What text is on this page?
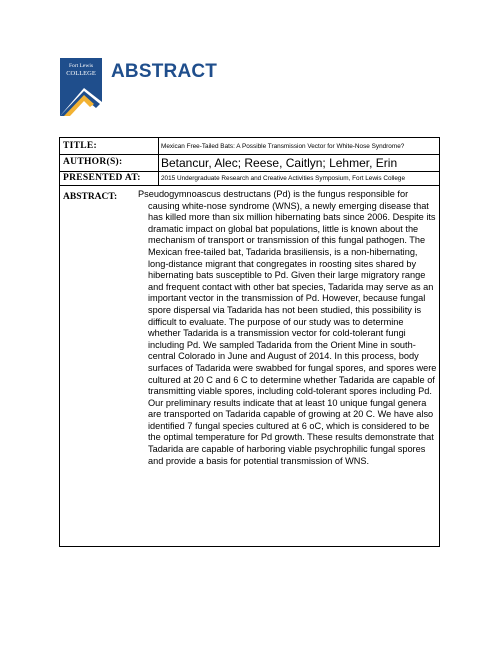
Fort Lewis
COLLEGE ABSTRACT
TITLE:	Mexican Free-Tailed Bats: A Possible Transmission Vector for White-Nose Syndrome?
AUTHOR(S):	Betancur, Alec; Reese, Caitlyn; Lehmer, Erin
PRESENTED AT:	2015 Undergraduate Research and Creative Activities Symposium, Fort Lewis College
ABSTRACT: Pseudogymnoascus destructans (Pd) is the fungus responsible for causing white-nose syndrome (WNS), a newly emerging disease that has killed more than six million hibernating bats since 2006. Despite its dramatic impact on global bat populations, little is known about the mechanism of transport or transmission of this fungal pathogen. The Mexican free-tailed bat, Tadarida brasiliensis, is a non-hibernating, long-distance migrant that congregates in roosting sites shared by hibernating bats susceptible to Pd. Given their large migratory range and frequent contact with other bat species, Tadarida may serve as an important vector in the transmission of Pd. However, because fungal spore dispersal via Tadarida has not been studied, this possibility is difficult to evaluate. The purpose of our study was to determine whether Tadarida is a transmission vector for cold-tolerant fungi including Pd. We sampled Tadarida from the Orient Mine in south-central Colorado in June and August of 2014. In this process, body surfaces of Tadarida were swabbed for fungal spores, and spores were cultured at 20 C and 6 C to determine whether Tadarida are capable of transmitting viable spores, including cold-tolerant spores including Pd. Our preliminary results indicate that at least 10 unique fungal genera are transported on Tadarida capable of growing at 20 C. We have also identified 7 fungal species cultured at 6 oC, which is considered to be the optimal temperature for Pd growth. These results demonstrate that Tadarida are capable of harboring viable psychrophilic fungal spores and provide a basis for potential transmission of WNS.
